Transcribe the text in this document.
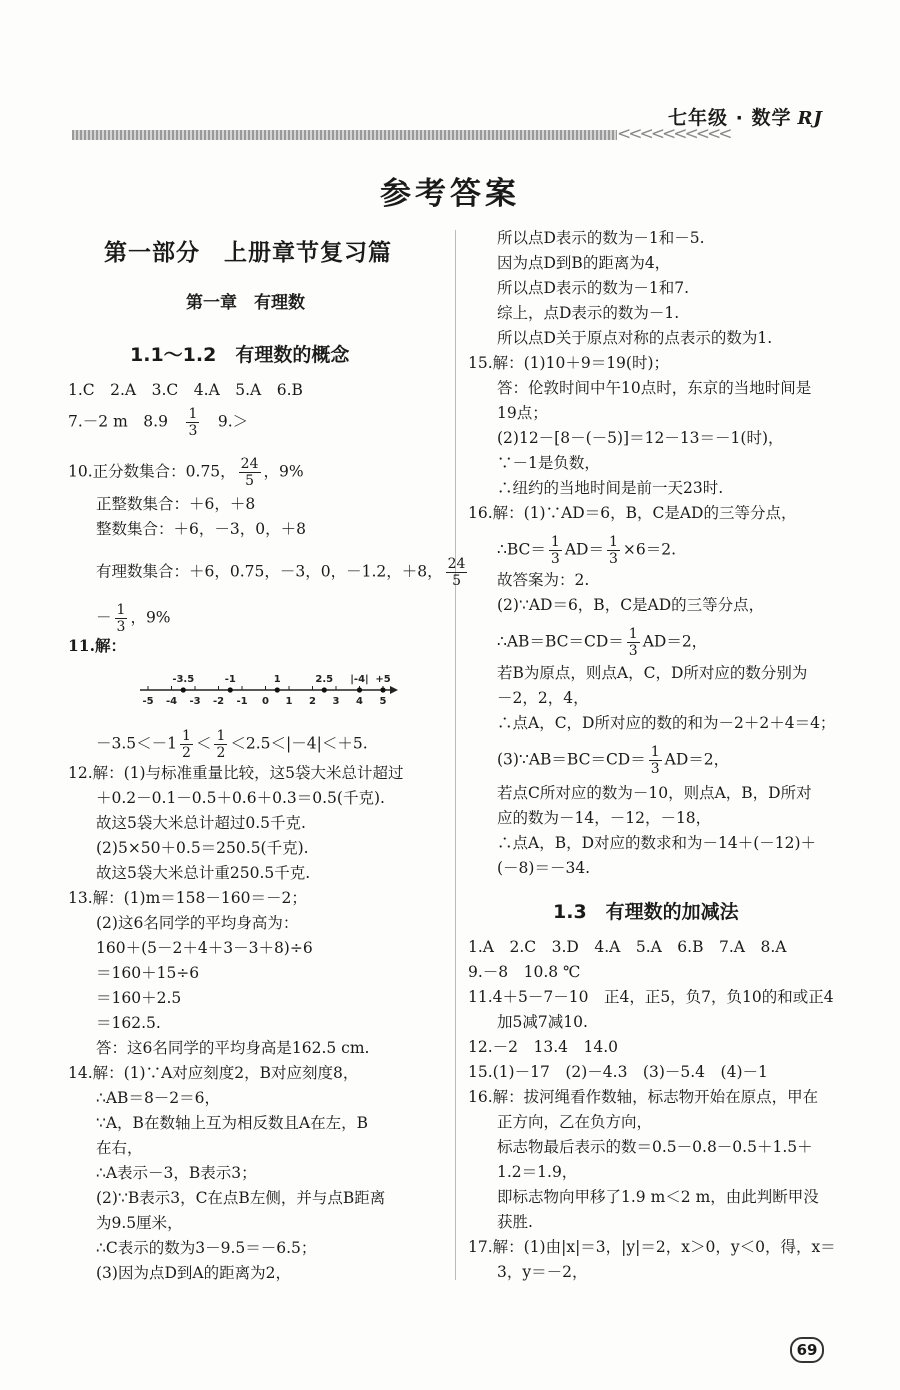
七年级 · 数学 RJ
<<<<<<<<<<
参考答案
第一部分　上册章节复习篇
第一章　有理数
1.1～1.2　有理数的概念
1.C　2.A　3.C　4.A　5.A　6.B
7.－2 m　8.9　 $\frac{1}{3}$ 　9.＞
10.正分数集合：0.75， $\frac{24}{5}$ ，9%
正整数集合：＋6，＋8
整数集合：＋6，－3，0，＋8
有理数集合：＋6，0.75，－3，0，－1.2，＋8， $\frac{24}{5}$
－ $\frac{1}{3}$ ，9%
11.解：
-5 -4 -3 -2 -1 0 1 2 3 4 5
-3.5	-1	1	2.5 |-4| +5
$-3.5<-1 \frac{1}{2} < \frac{1}{2} <2.5<|-4|<+5$.
12.解：(1)与标准重量比较，这5袋大米总计超过
＋0.2－0.1－0.5＋0.6＋0.3＝0.5(千克).
故这5袋大米总计超过0.5千克.
(2)5×50＋0.5＝250.5(千克).
故这5袋大米总计重250.5千克.
13.解：(1)m＝158－160＝－2；
(2)这6名同学的平均身高为：
160＋(5－2＋4＋3－3＋8)÷6
＝160＋15÷6
＝160＋2.5
＝162.5.
答：这6名同学的平均身高是162.5 cm.
14.解：(1)∵A对应刻度2，B对应刻度8，
∴AB＝8－2＝6，
∵A，B在数轴上互为相反数且A在左，B
在右，
∴A表示－3，B表示3；
(2)∵B表示3，C在点B左侧，并与点B距离
为9.5厘米，
∴C表示的数为3－9.5＝－6.5；
(3)因为点D到A的距离为2，
所以点D表示的数为－1和－5.
因为点D到B的距离为4，
所以点D表示的数为－1和7.
综上，点D表示的数为－1.
所以点D关于原点对称的点表示的数为1.
15.解：(1)10＋9＝19(时)；
答：伦敦时间中午10点时，东京的当地时间是
19点；
(2)12－[8－(－5)]＝12－13＝－1(时)，
∵－1是负数，
∴纽约的当地时间是前一天23时.
16.解：(1)∵AD＝6，B，C是AD的三等分点，
∴BC＝ $\frac{1}{3} AD= \frac{1}{3} \times 6=2$.
故答案为：2.
(2)∵AD＝6，B，C是AD的三等分点，
∴AB＝BC＝CD＝ $\frac{1}{3} AD=2$，
若B为原点，则点A，C，D所对应的数分别为
－2，2，4，
∴点A，C，D所对应的数的和为－2＋2＋4＝4；
(3)∵AB＝BC＝CD＝ $\frac{1}{3} AD=2$，
若点C所对应的数为－10，则点A，B，D所对
应的数为－14，－12，－18，
∴点A，B，D对应的数求和为－14＋(－12)＋
(－8)＝－34.
1.3　有理数的加减法
1.A　2.C　3.D　4.A　5.A　6.B　7.A　8.A
9.－8　10.8 ℃
11.4＋5－7－10　正4，正5，负7，负10的和或正4
加5减7减10.
12.－2　13.4　14.0
15.(1)－17　(2)－4.3　(3)－5.4　(4)－1
16.解：拔河绳看作数轴，标志物开始在原点，甲在
正方向，乙在负方向，
标志物最后表示的数＝0.5－0.8－0.5＋1.5＋
1.2＝1.9，
即标志物向甲移了1.9 m＜2 m，由此判断甲没
获胜.
17.解：(1)由|x|＝3，|y|＝2，x＞0，y＜0，得，x＝
3，y＝－2，
69
